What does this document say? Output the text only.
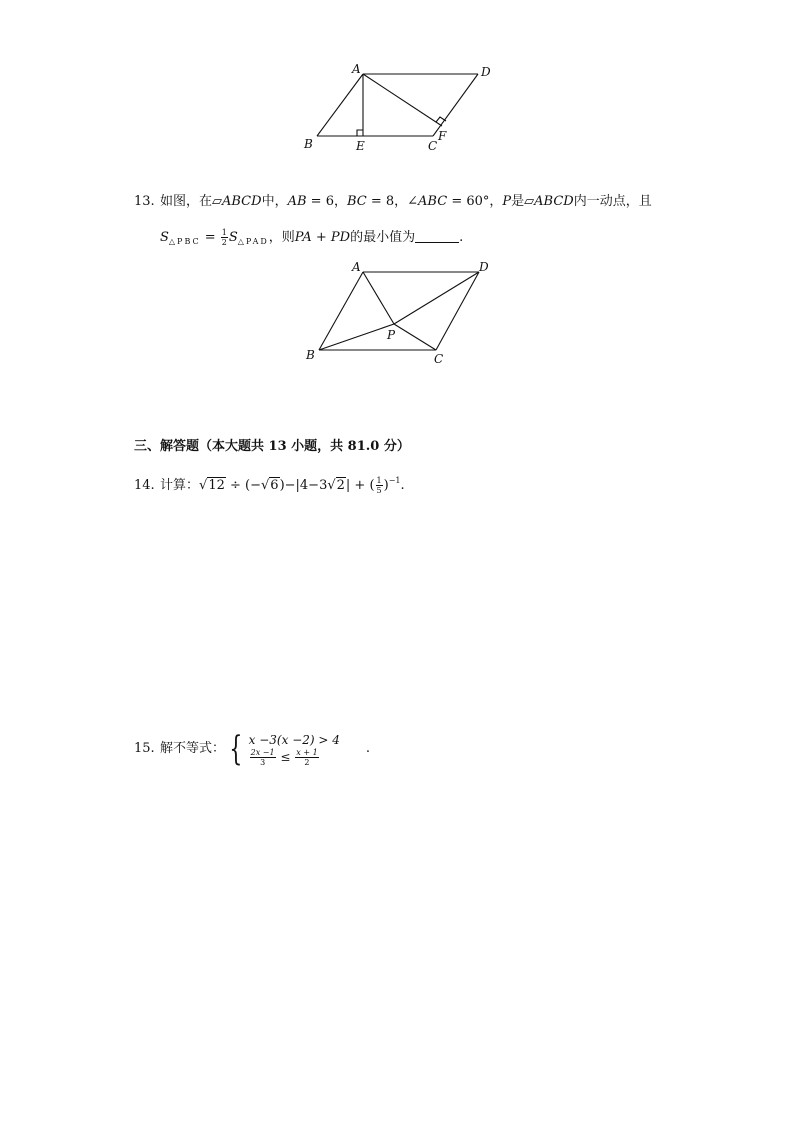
A	D
B	E	C
F
13. 如图，在▱ABCD中，AB = 6，BC = 8，∠ABC = 60°，P是▱ABCD内一动点，且
$S_{\triangle PBC} = \frac{1}{2} S_{\triangle PAD}$，则PA + PD的最小值为	.
A	D
B
P
C
三、解答题（本大题共 13 小题，共 81.0 分）
14. 计算：√12 ÷ (−√6)−|4−3√2| + ( $\frac{1}{5} )^{-1}$.
15. 解不等式： { x −3(x −2) > 4
$\frac{2x -1}{3} \le \frac{x + 1}{2}$	.
